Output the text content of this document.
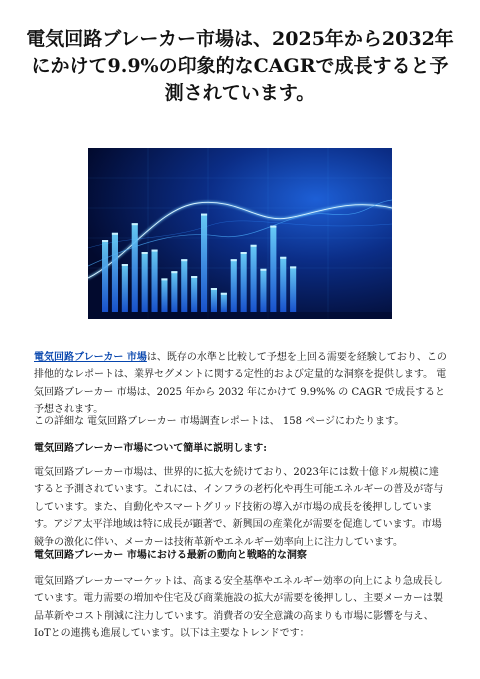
電気回路ブレーカー市場は、2025年から2032年にかけて9.9%の印象的なCAGRで成長すると予測されています。

電気回路ブレーカー 市場は、既存の水準と比較して予想を上回る需要を経験しており、この排他的なレポートは、業界セグメントに関する定性的および定量的な洞察を提供します。 電気回路ブレーカー 市場は、2025 年から 2032 年にかけて 9.9%% の CAGR で成長すると予想されます。

この詳細な 電気回路ブレーカー 市場調査レポートは、 158 ページにわたります。

電気回路ブレーカー市場について簡単に説明します:

電気回路ブレーカー市場は、世界的に拡大を続けており、2023年には数十億ドル規模に達すると予測されています。これには、インフラの老朽化や再生可能エネルギーの普及が寄与しています。また、自動化やスマートグリッド技術の導入が市場の成長を後押ししています。アジア太平洋地域は特に成長が顕著で、新興国の産業化が需要を促進しています。市場競争の激化に伴い、メーカーは技術革新やエネルギー効率向上に注力しています。

電気回路ブレーカー 市場における最新の動向と戦略的な洞察

電気回路ブレーカーマーケットは、高まる安全基準やエネルギー効率の向上により急成長しています。電力需要の増加や住宅及び商業施設の拡大が需要を後押しし、主要メーカーは製品革新やコスト削減に注力しています。消費者の安全意識の高まりも市場に影響を与え、IoTとの連携も進展しています。以下は主要なトレンドです：
